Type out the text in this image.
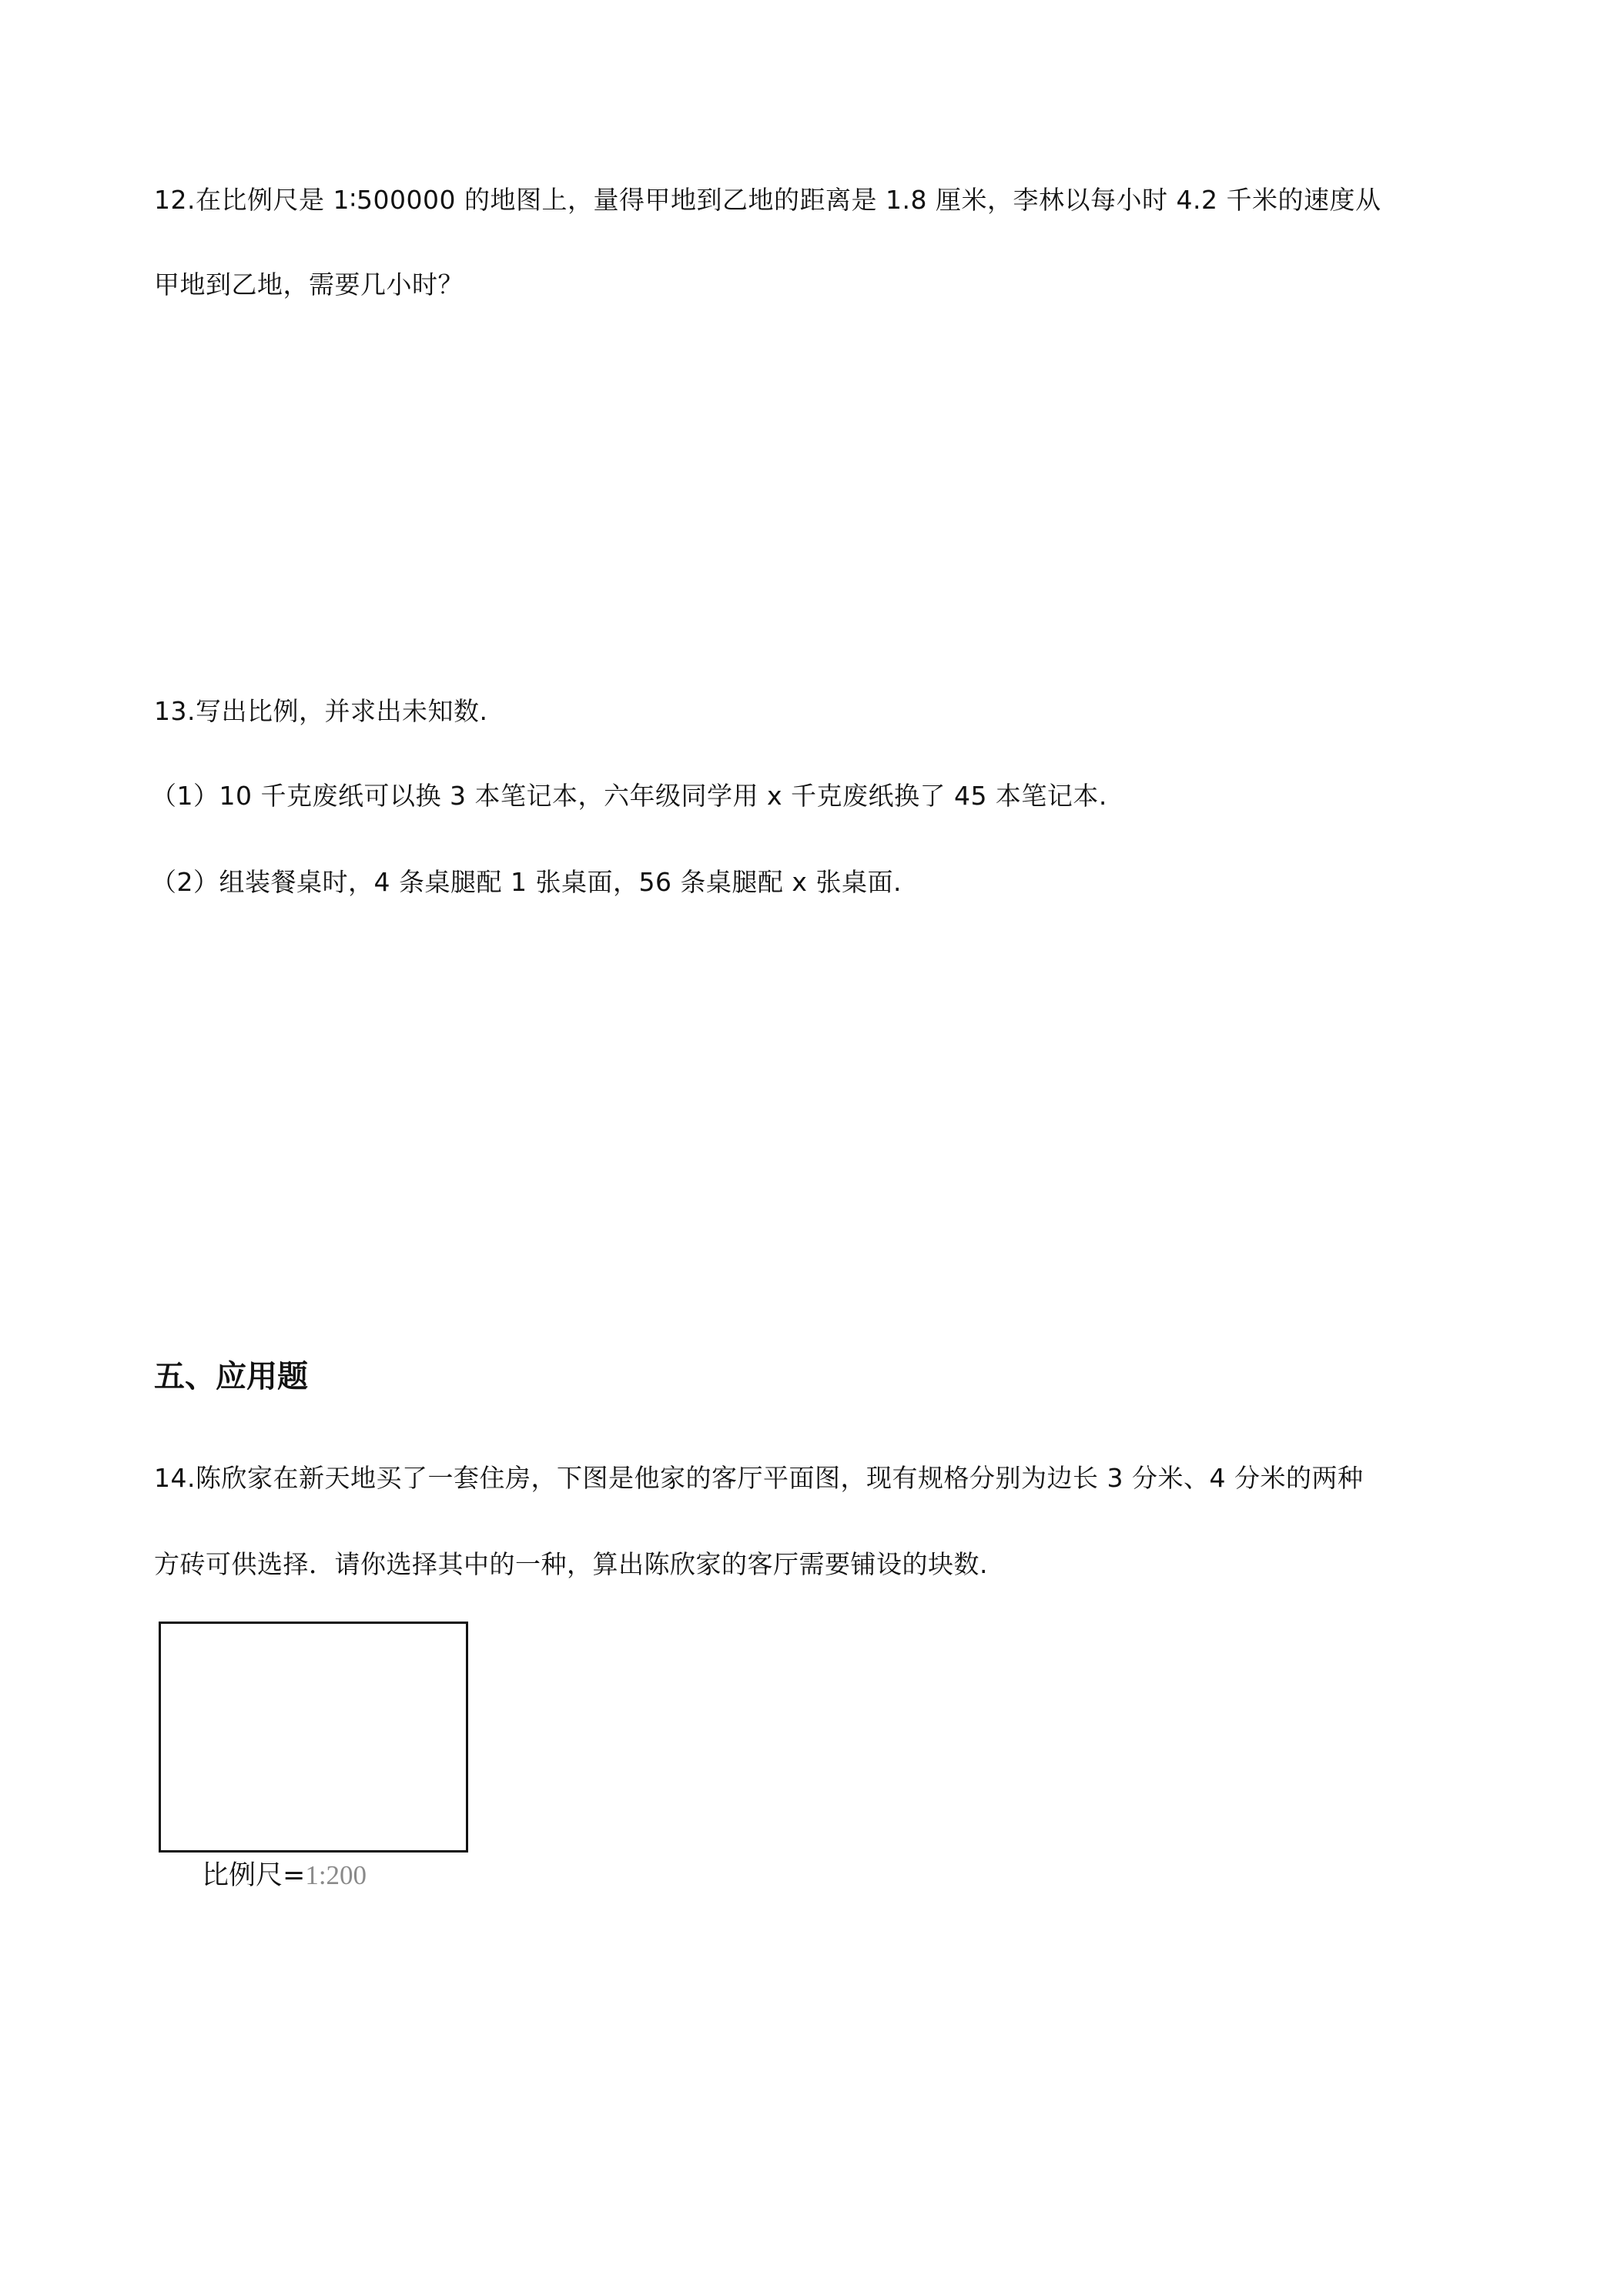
12.在比例尺是 1∶500000 的地图上，量得甲地到乙地的距离是 1.8 厘米，李林以每小时 4.2 千米的速度从
甲地到乙地，需要几小时？
13.写出比例，并求出未知数.
（1）10 千克废纸可以换 3 本笔记本，六年级同学用 x 千克废纸换了 45 本笔记本.
（2）组装餐桌时，4 条桌腿配 1 张桌面，56 条桌腿配 x 张桌面.
五、应用题
14.陈欣家在新天地买了一套住房，下图是他家的客厅平面图，现有规格分别为边长 3 分米、4 分米的两种
方砖可供选择．请你选择其中的一种，算出陈欣家的客厅需要铺设的块数.
比例尺=1:200
